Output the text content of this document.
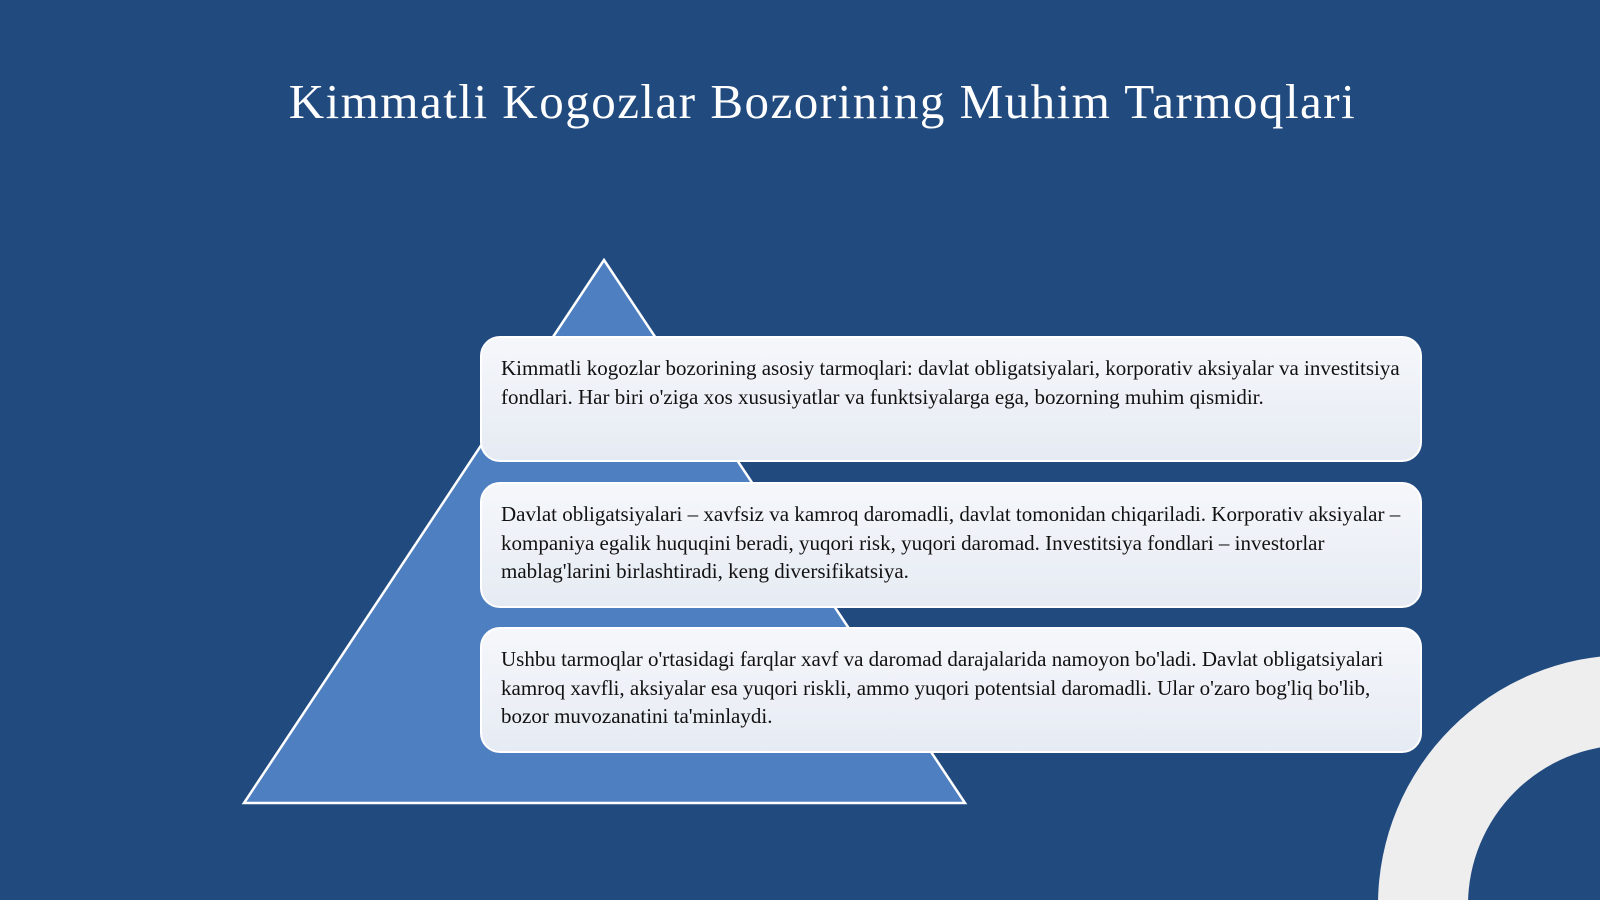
Kimmatli Kogozlar Bozorining Muhim Tarmoqlari
Kimmatli kogozlar bozorining asosiy tarmoqlari: davlat obligatsiyalari, korporativ aksiyalar va investitsiya fondlari. Har biri o'ziga xos xususiyatlar va funktsiyalarga ega, bozorning muhim qismidir.
Davlat obligatsiyalari – xavfsiz va kamroq daromadli, davlat tomonidan chiqariladi. Korporativ aksiyalar – kompaniya egalik huquqini beradi, yuqori risk, yuqori daromad. Investitsiya fondlari – investorlar mablag'larini birlashtiradi, keng diversifikatsiya.
Ushbu tarmoqlar o'rtasidagi farqlar xavf va daromad darajalarida namoyon bo'ladi. Davlat obligatsiyalari kamroq xavfli, aksiyalar esa yuqori riskli, ammo yuqori potentsial daromadli. Ular o'zaro bog'liq bo'lib, bozor muvozanatini ta'minlaydi.
